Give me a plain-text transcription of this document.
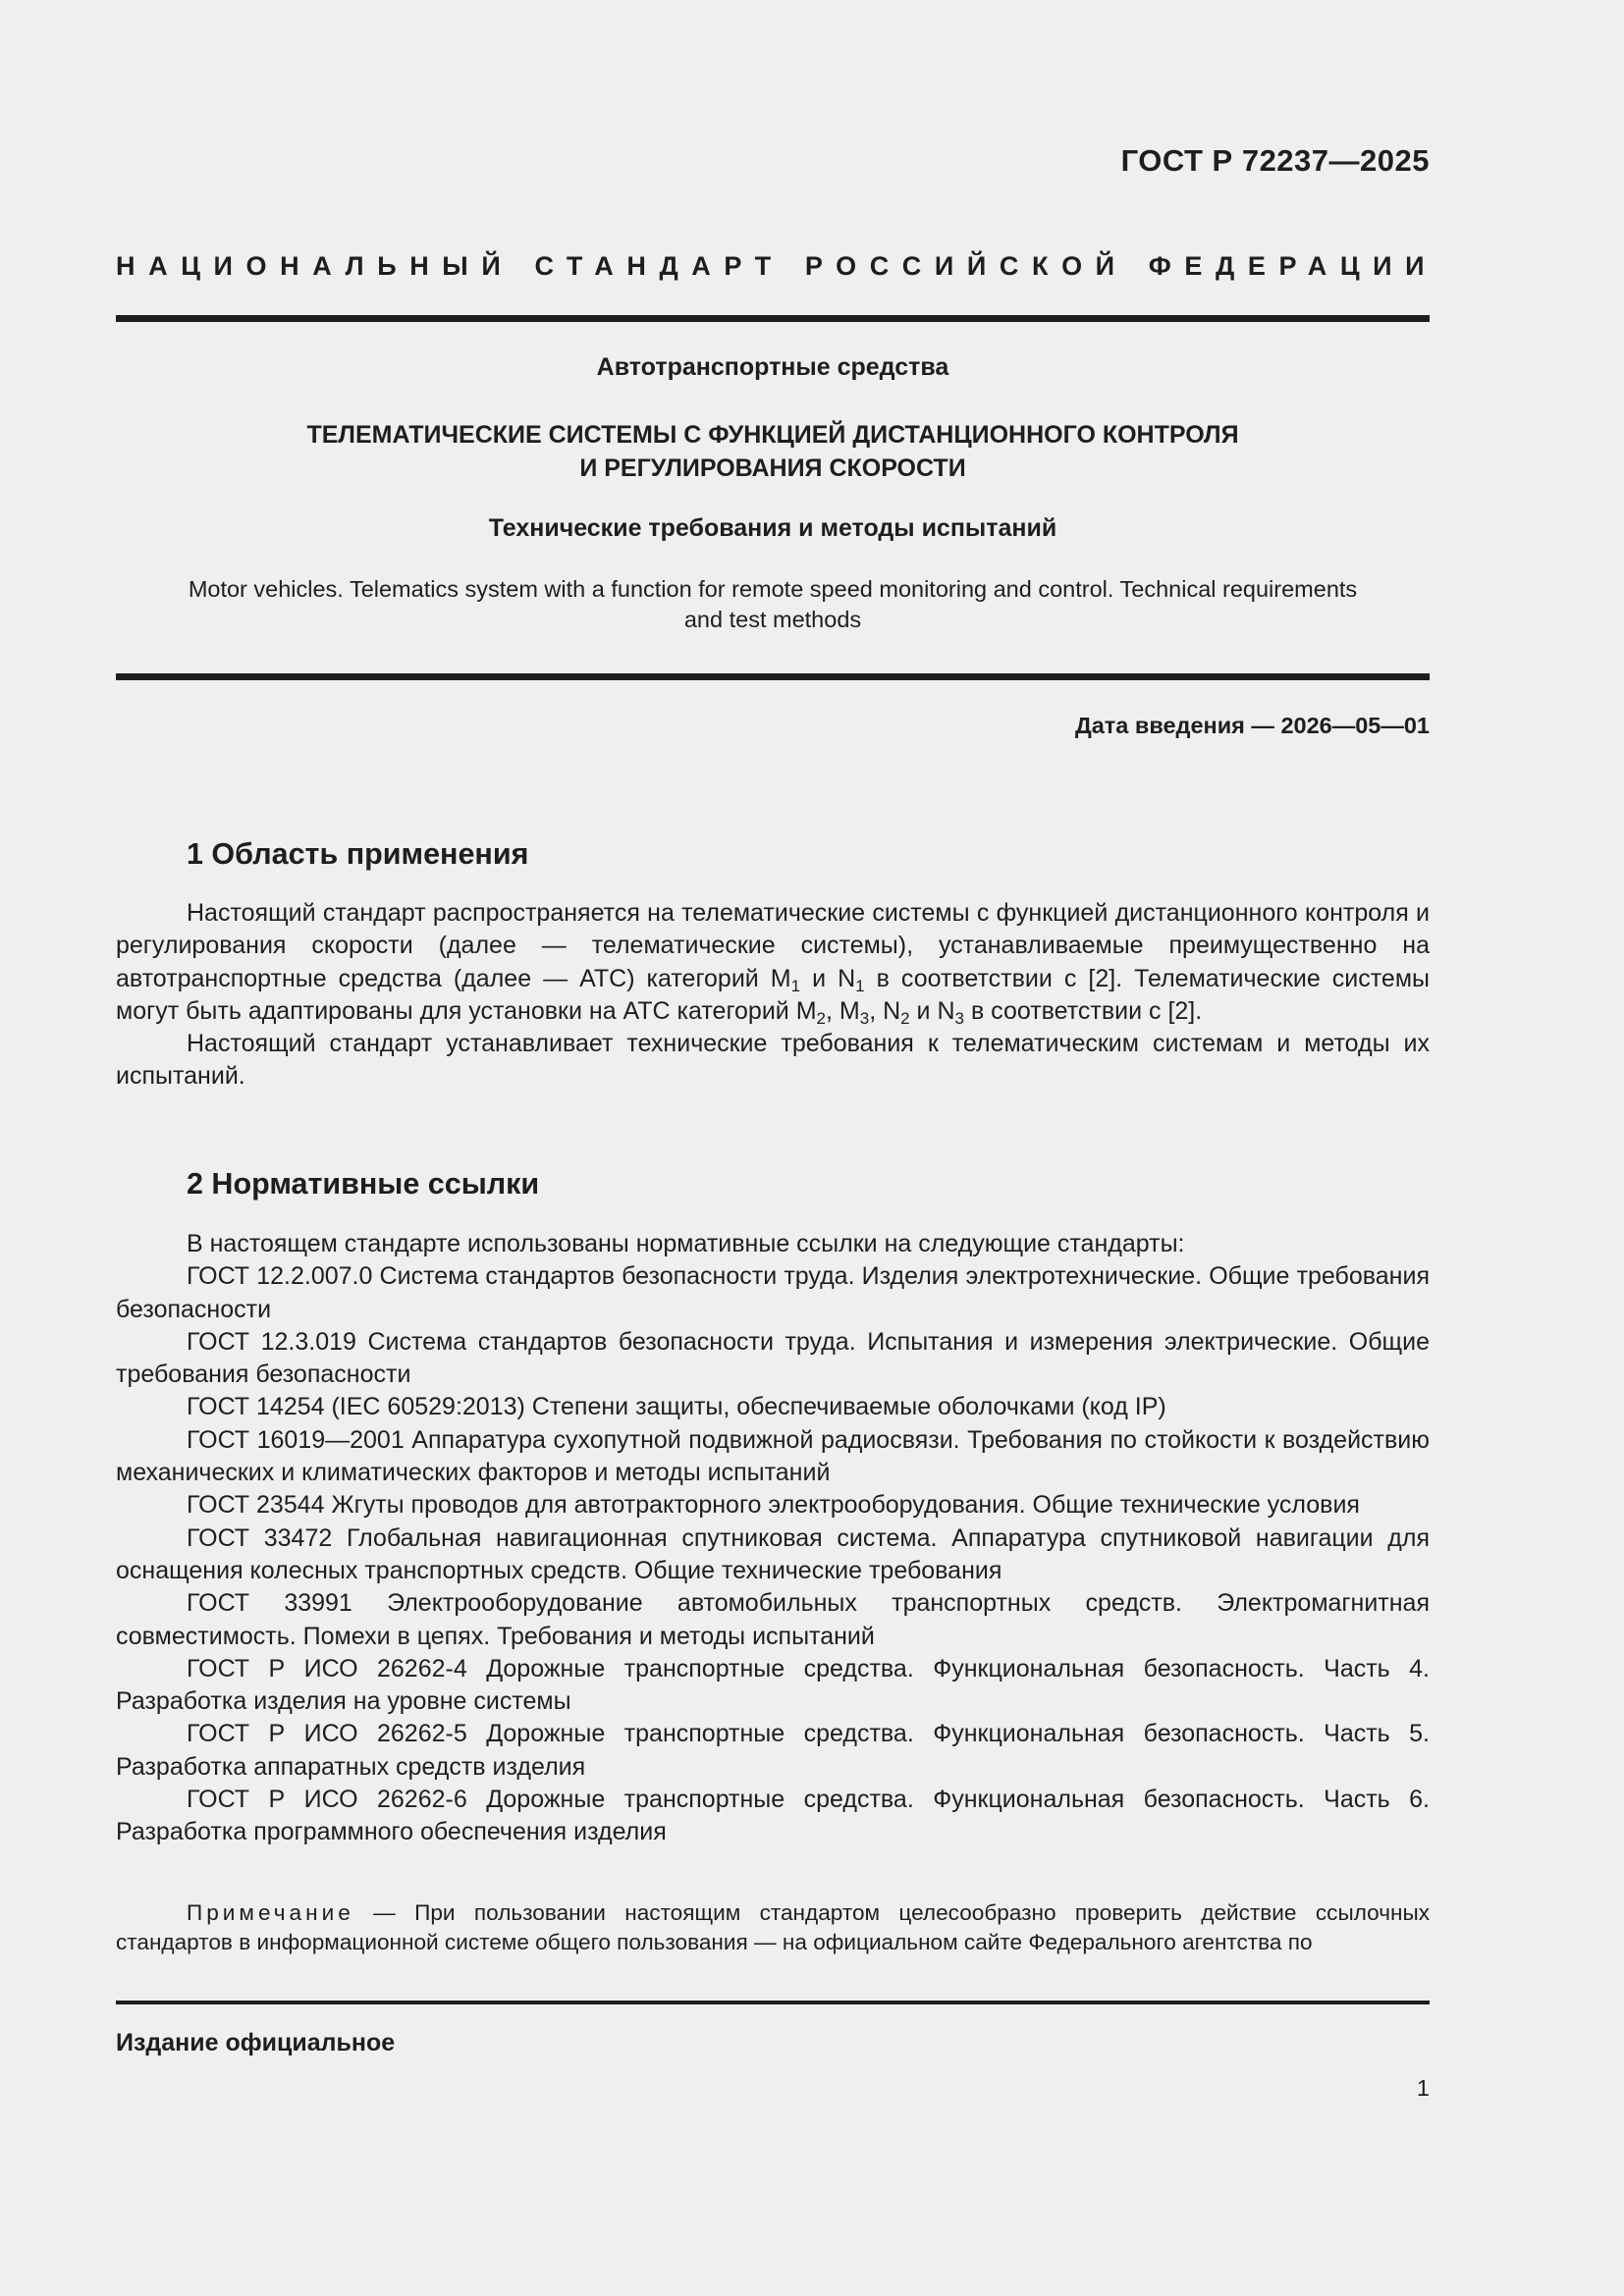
ГОСТ Р 72237—2025
НАЦИОНАЛЬНЫЙ СТАНДАРТ РОССИЙСКОЙ ФЕДЕРАЦИИ
Автотранспортные средства
ТЕЛЕМАТИЧЕСКИЕ СИСТЕМЫ С ФУНКЦИЕЙ ДИСТАНЦИОННОГО КОНТРОЛЯ
И РЕГУЛИРОВАНИЯ СКОРОСТИ
Технические требования и методы испытаний
Motor vehicles. Telematics system with a function for remote speed monitoring and control. Technical requirements
and test methods
Дата введения — 2026—05—01
1 Область применения

Настоящий стандарт распространяется на телематические системы с функцией дистанционного контроля и регулирования скорости (далее — телематические системы), устанавливаемые преимущественно на автотранспортные средства (далее — АТС) категорий $M_1$ и $N_1$ в соответствии с [2]. Телематические системы могут быть адаптированы для установки на АТС категорий $M_2$, $M_3$, $N_2$ и $N_3$ в соответствии с [2].

Настоящий стандарт устанавливает технические требования к телематическим системам и методы их испытаний.

2 Нормативные ссылки

В настоящем стандарте использованы нормативные ссылки на следующие стандарты:

ГОСТ 12.2.007.0 Система стандартов безопасности труда. Изделия электротехнические. Общие требования безопасности

ГОСТ 12.3.019 Система стандартов безопасности труда. Испытания и измерения электрические. Общие требования безопасности

ГОСТ 14254 (IEC 60529:2013) Степени защиты, обеспечиваемые оболочками (код IP)

ГОСТ 16019—2001 Аппаратура сухопутной подвижной радиосвязи. Требования по стойкости к воздействию механических и климатических факторов и методы испытаний

ГОСТ 23544 Жгуты проводов для автотракторного электрооборудования. Общие технические условия

ГОСТ 33472 Глобальная навигационная спутниковая система. Аппаратура спутниковой навигации для оснащения колесных транспортных средств. Общие технические требования

ГОСТ 33991 Электрооборудование автомобильных транспортных средств. Электромагнитная совместимость. Помехи в цепях. Требования и методы испытаний

ГОСТ Р ИСО 26262-4 Дорожные транспортные средства. Функциональная безопасность. Часть 4. Разработка изделия на уровне системы

ГОСТ Р ИСО 26262-5 Дорожные транспортные средства. Функциональная безопасность. Часть 5. Разработка аппаратных средств изделия

ГОСТ Р ИСО 26262-6 Дорожные транспортные средства. Функциональная безопасность. Часть 6. Разработка программного обеспечения изделия

Примечание — При пользовании настоящим стандартом целесообразно проверить действие ссылочных стандартов в информационной системе общего пользования — на официальном сайте Федерального агентства по

Издание официальное
1
